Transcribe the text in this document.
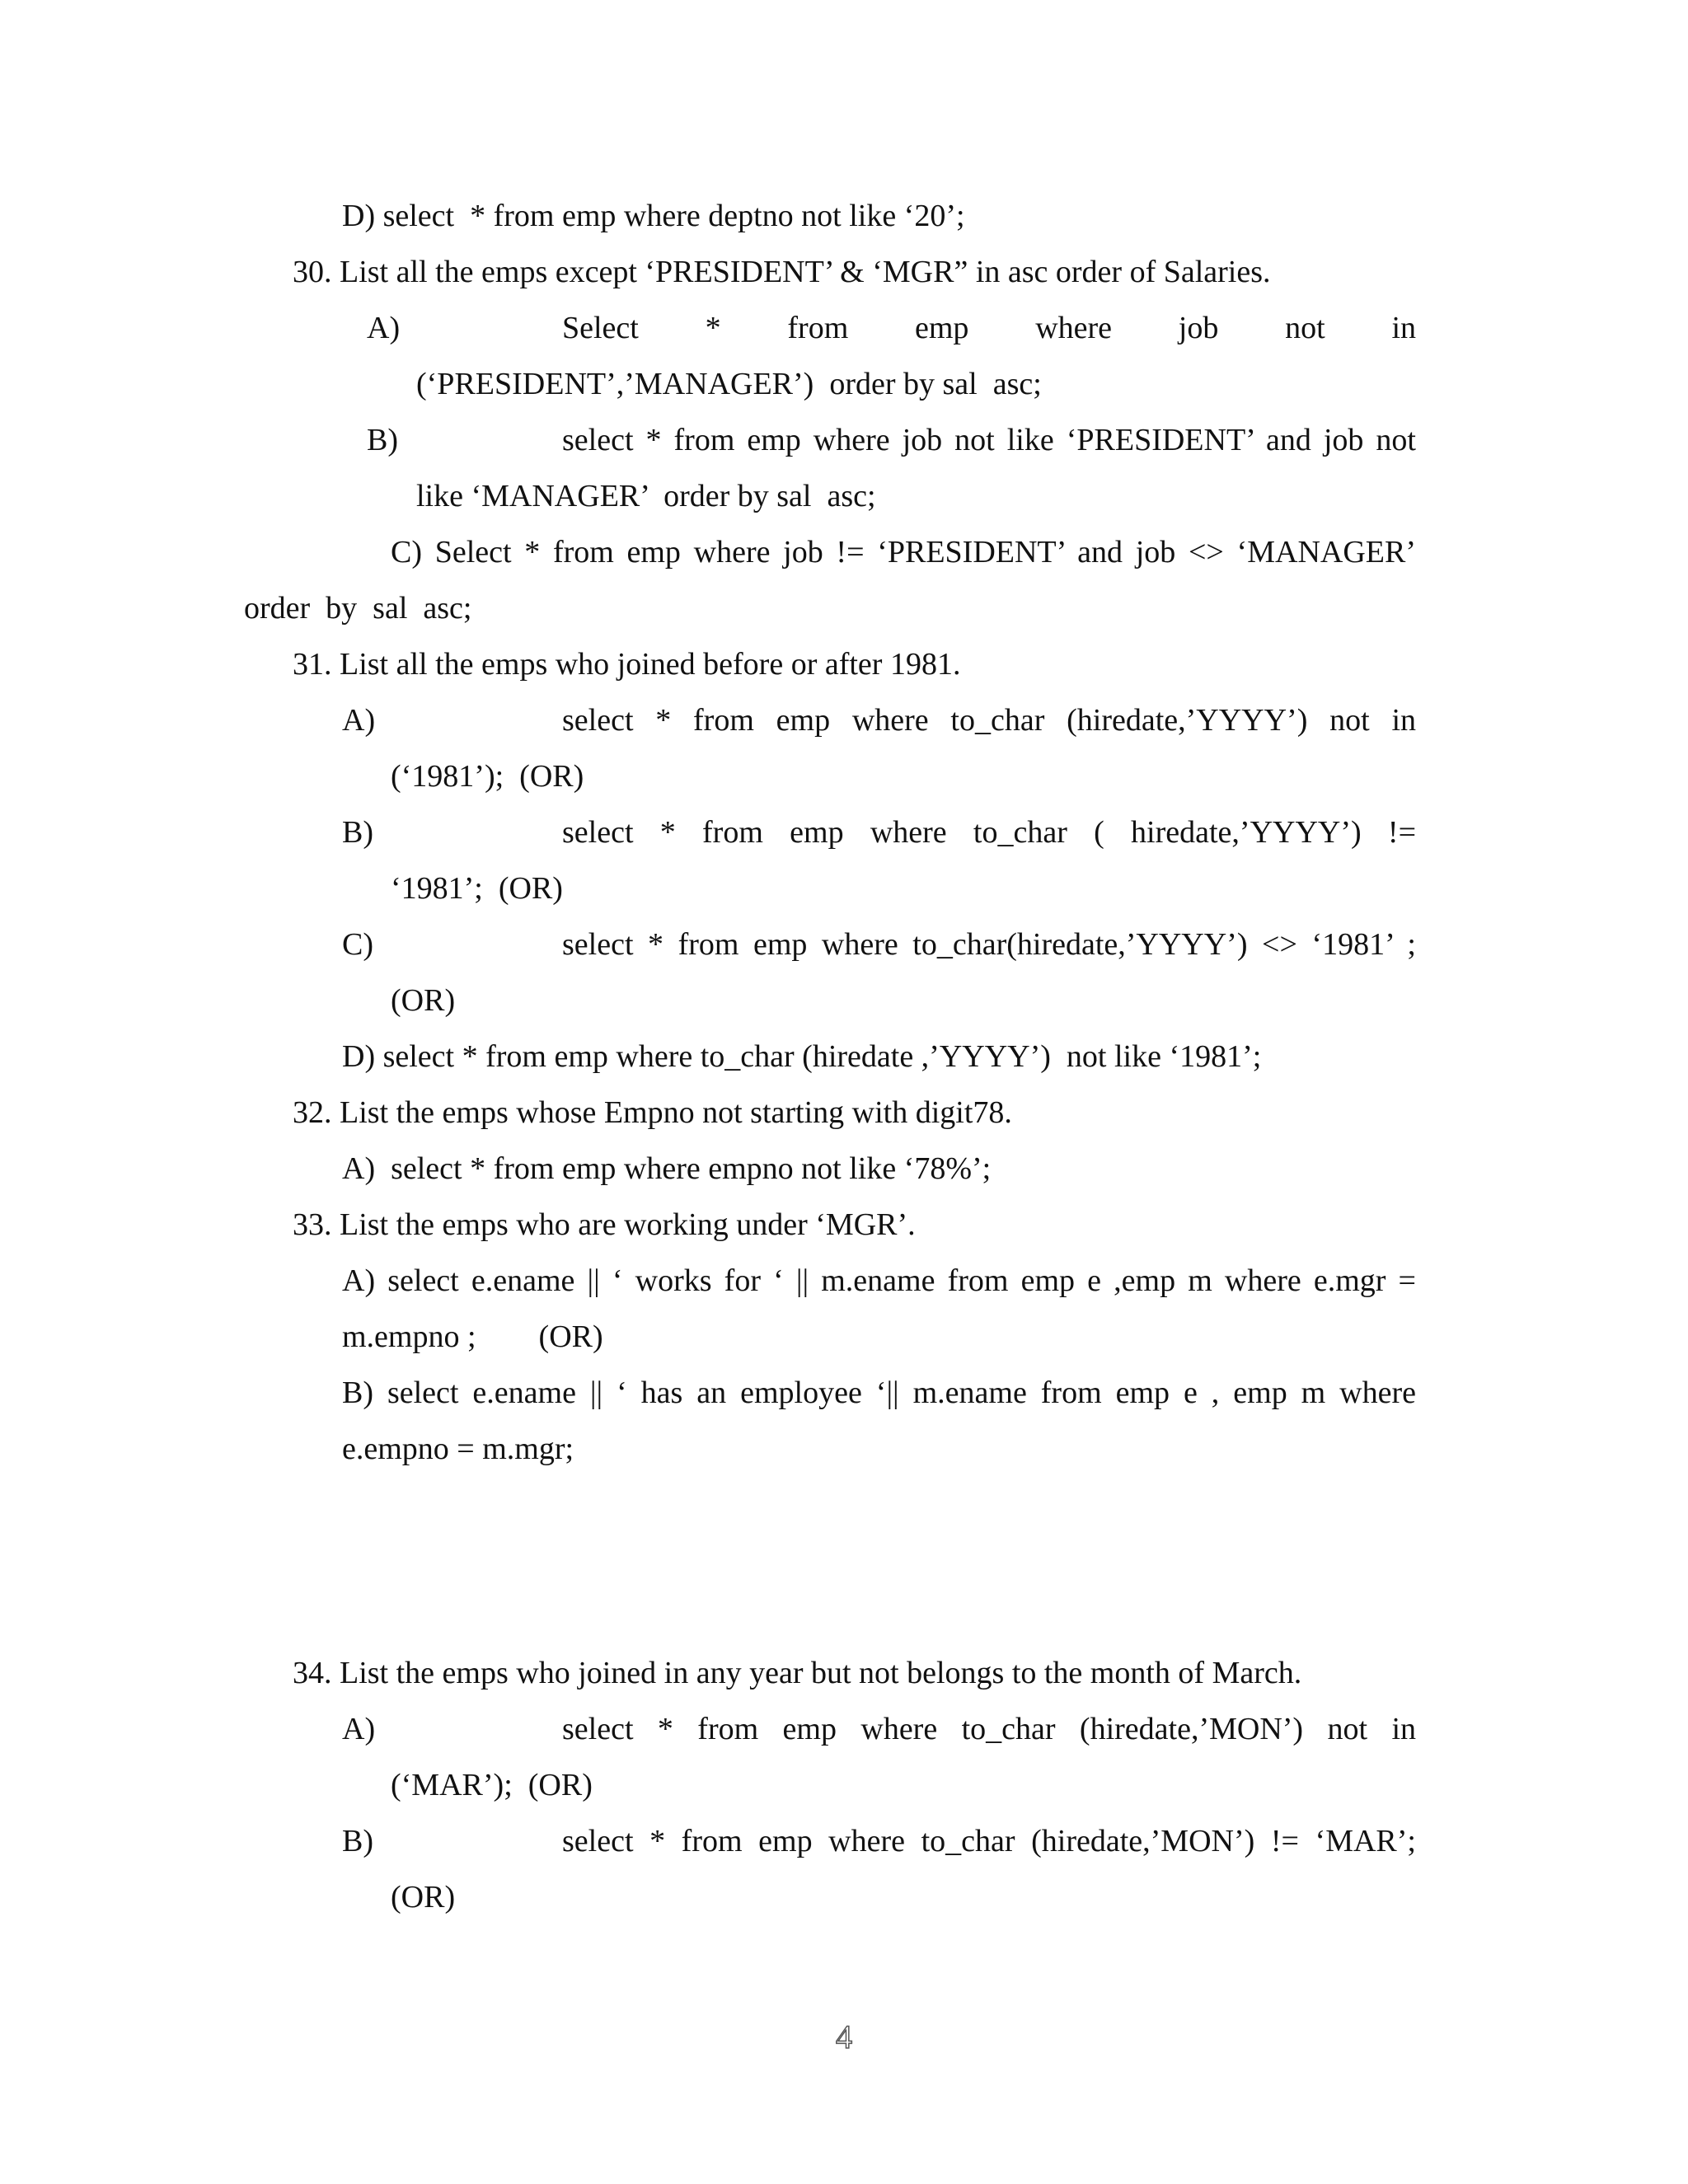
D) select  * from emp where deptno not like ‘20’;
30. List all the emps except ‘PRESIDENT’ & ‘MGR” in asc order of Salaries.
A)	Select * from emp where job not in
(‘PRESIDENT’,’MANAGER’)  order by sal  asc;
B)	select * from emp where job not like ‘PRESIDENT’ and job not
like ‘MANAGER’  order by sal  asc;
C) Select * from emp where job != ‘PRESIDENT’ and job <> ‘MANAGER’
order  by  sal  asc;
31. List all the emps who joined before or after 1981.
A)	select * from emp where to_char (hiredate,’YYYY’) not in
(‘1981’);  (OR)
B)	select * from emp where to_char ( hiredate,’YYYY’) !=
‘1981’;  (OR)
C)	select * from emp where to_char(hiredate,’YYYY’) <> ‘1981’ ;
(OR)
D) select * from emp where to_char (hiredate ,’YYYY’)  not like ‘1981’;
32. List the emps whose Empno not starting with digit78.
A)  select * from emp where empno not like ‘78%’;
33. List the emps who are working under ‘MGR’.
A) select e.ename || ‘ works for ‘ || m.ename from emp e ,emp m where e.mgr =
m.empno ;        (OR)
B) select e.ename || ‘ has an employee ‘|| m.ename from emp e , emp m where
e.empno = m.mgr;
34. List the emps who joined in any year but not belongs to the month of March.
A)	select * from emp where to_char (hiredate,’MON’) not in
(‘MAR’);  (OR)
B)	select * from emp where to_char (hiredate,’MON’) != ‘MAR’;
(OR)
4
